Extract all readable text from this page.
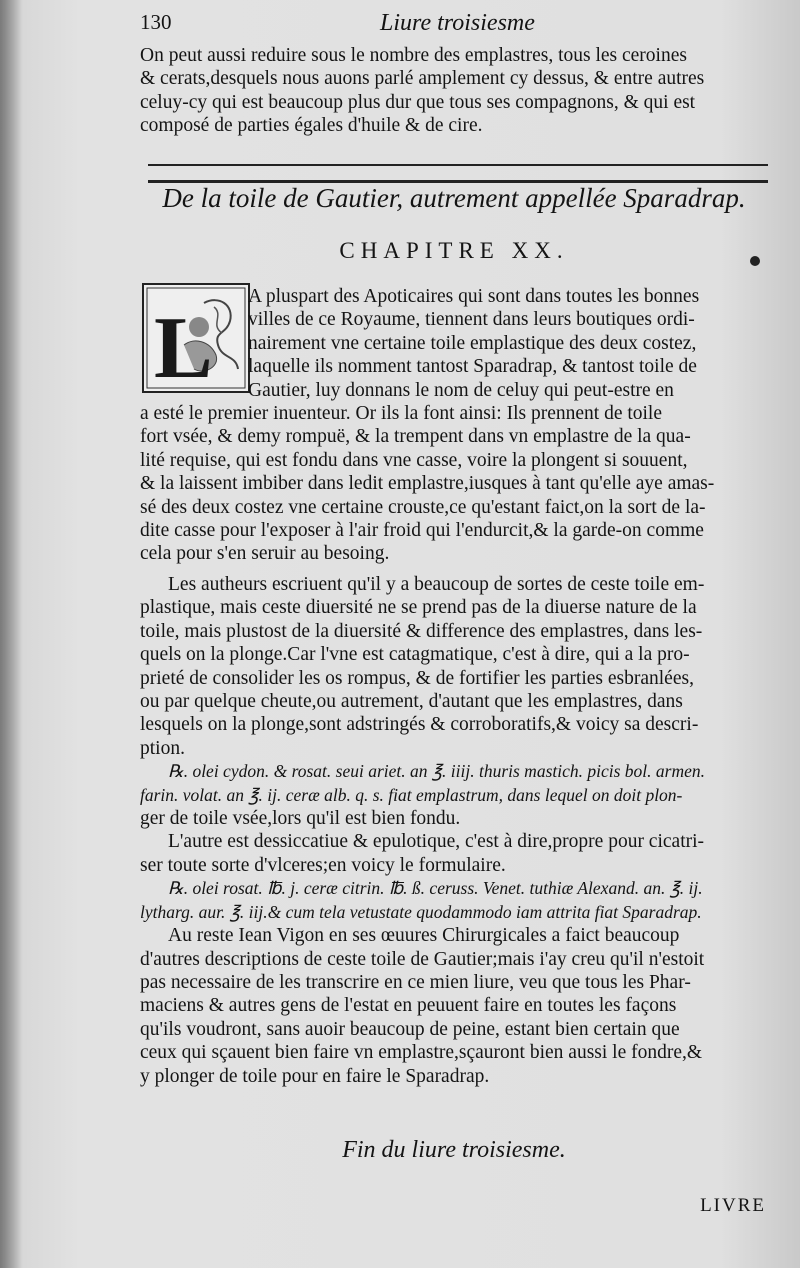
130	Liure troisiesme
On peut aussi reduire sous le nombre des emplastres, tous les ceroines
& cerats,desquels nous auons parlé amplement cy dessus, & entre autres
celuy-cy qui est beaucoup plus dur que tous ses compagnons, & qui est
composé de parties égales d'huile & de cire.
De la toile de Gautier, autrement appellée Sparadrap.
CHAPITRE XX.
L
A pluspart des Apoticaires qui sont dans toutes les bonnes
villes de ce Royaume, tiennent dans leurs boutiques ordi-
nairement vne certaine toile emplastique des deux costez,
laquelle ils nomment tantost Sparadrap, & tantost toile de
Gautier, luy donnans le nom de celuy qui peut-estre en
a esté le premier inuenteur. Or ils la font ainsi: Ils prennent de toile
fort vsée, & demy rompuë, & la trempent dans vn emplastre de la qua-
lité requise, qui est fondu dans vne casse, voire la plongent si souuent,
& la laissent imbiber dans ledit emplastre,iusques à tant qu'elle aye amas-
sé des deux costez vne certaine crouste,ce qu'estant faict,on la sort de la-
dite casse pour l'exposer à l'air froid qui l'endurcit,& la garde-on comme
cela pour s'en seruir au besoing.
Les autheurs escriuent qu'il y a beaucoup de sortes de ceste toile em-
plastique, mais ceste diuersité ne se prend pas de la diuerse nature de la
toile, mais plustost de la diuersité & difference des emplastres, dans les-
quels on la plonge.Car l'vne est catagmatique, c'est à dire, qui a la pro-
prieté de consolider les os rompus, & de fortifier les parties esbranlées,
ou par quelque cheute,ou autrement, d'autant que les emplastres, dans
lesquels on la plonge,sont adstringés & corroboratifs,& voicy sa descri-
ption.
℞. olei cydon. & rosat. seui ariet. an ℥. iiij. thuris mastich. picis bol. armen.
farin. volat. an ℥. ij. ceræ alb. q. s. fiat emplastrum, dans lequel on doit plon-
ger de toile vsée,lors qu'il est bien fondu.
L'autre est dessiccatiue & epulotique, c'est à dire,propre pour cicatri-
ser toute sorte d'vlceres;en voicy le formulaire.
℞. olei rosat. ℔. j. ceræ citrin. ℔. ß. ceruss. Venet. tuthiæ Alexand. an. ℥. ij.
lytharg. aur. ℥. iij.& cum tela vetustate quodammodo iam attrita fiat Sparadrap.
Au reste Iean Vigon en ses œuures Chirurgicales a faict beaucoup
d'autres descriptions de ceste toile de Gautier;mais i'ay creu qu'il n'estoit
pas necessaire de les transcrire en ce mien liure, veu que tous les Phar-
maciens & autres gens de l'estat en peuuent faire en toutes les façons
qu'ils voudront, sans auoir beaucoup de peine, estant bien certain que
ceux qui sçauent bien faire vn emplastre,sçauront bien aussi le fondre,&
y plonger de toile pour en faire le Sparadrap.
Fin du liure troisiesme.
LIVRE
